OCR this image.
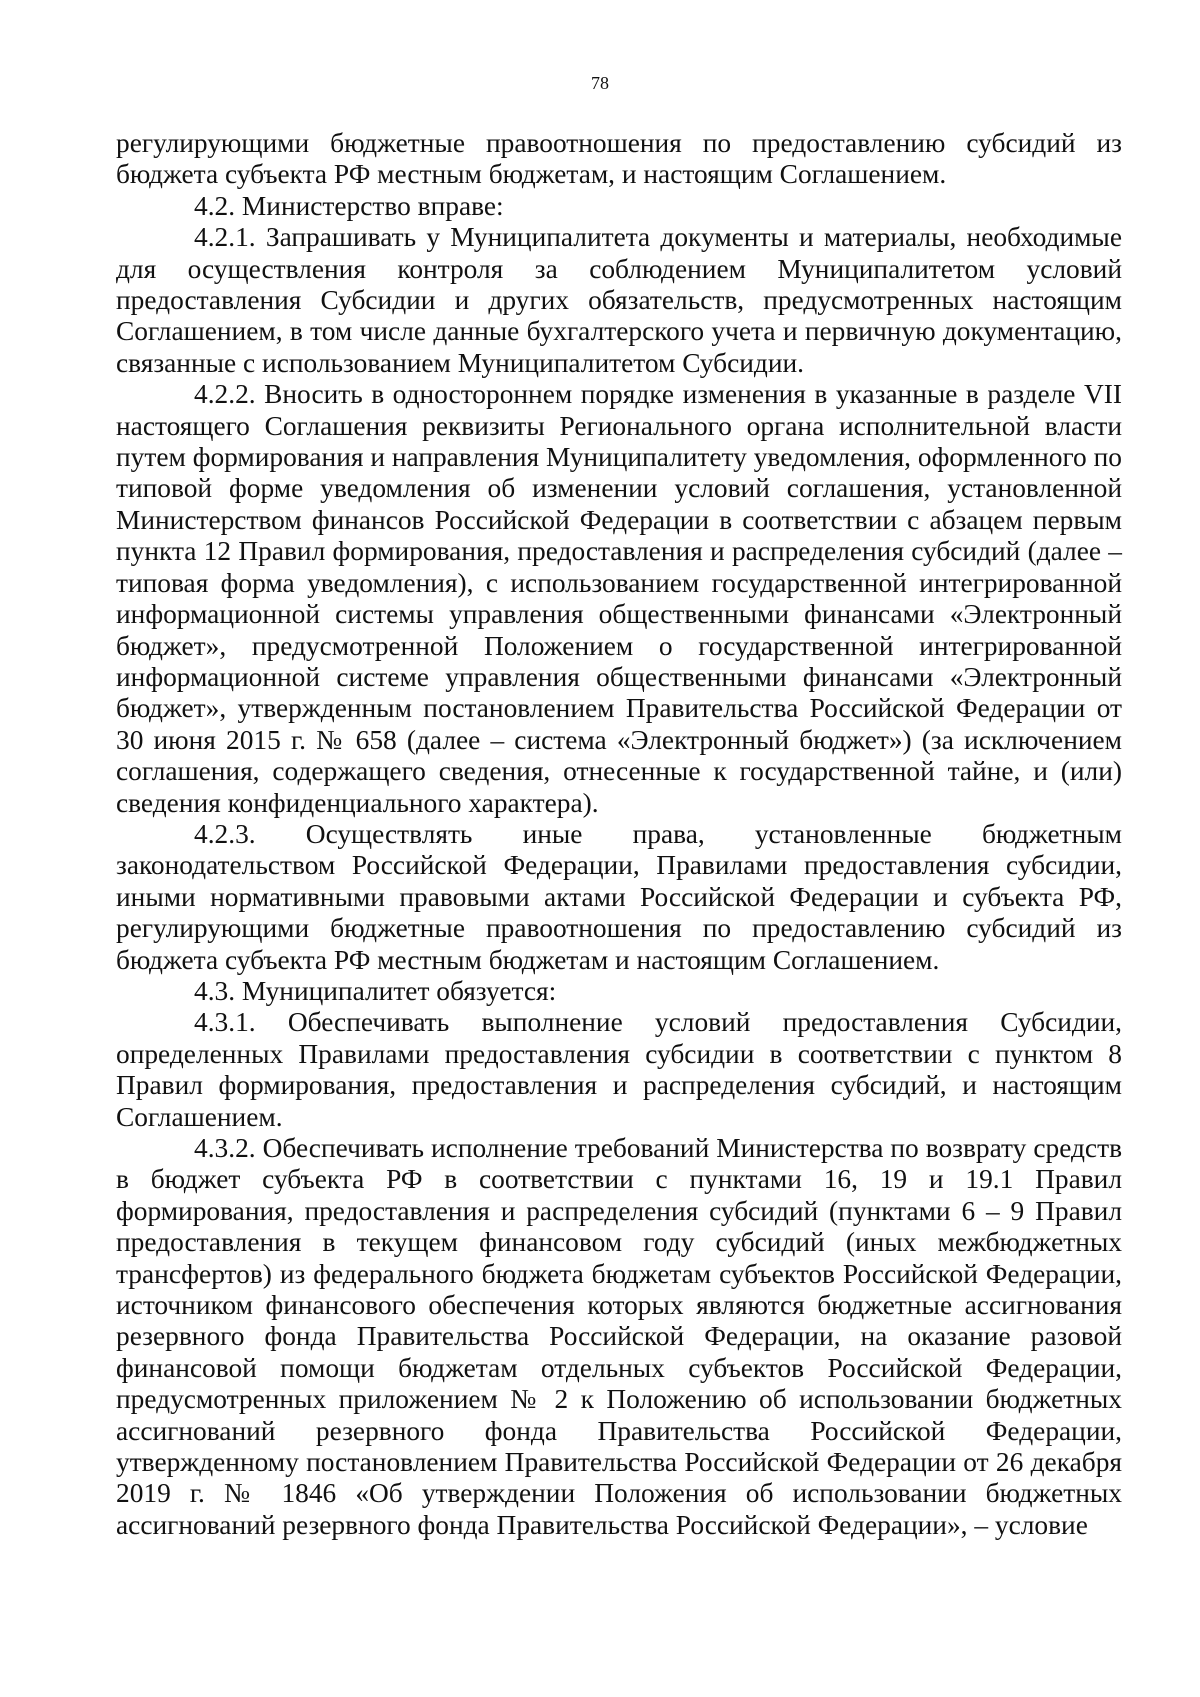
78

регулирующими бюджетные правоотношения по предоставлению субсидий из бюджета субъекта РФ местным бюджетам, и настоящим Соглашением.

4.2. Министерство вправе:

4.2.1. Запрашивать у Муниципалитета документы и материалы, необходимые для осуществления контроля за соблюдением Муниципалитетом условий предоставления Субсидии и других обязательств, предусмотренных настоящим Соглашением, в том числе данные бухгалтерского учета и первичную документацию, связанные с использованием Муниципалитетом Субсидии.

4.2.2. Вносить в одностороннем порядке изменения в указанные в разделе VII настоящего Соглашения реквизиты Регионального органа исполнительной власти путем формирования и направления Муниципалитету уведомления, оформленного по типовой форме уведомления об изменении условий соглашения, установленной Министерством финансов Российской Федерации в соответствии с абзацем первым пункта 12 Правил формирования, предоставления и распределения субсидий (далее – типовая форма уведомления), с использованием государственной интегрированной информационной системы управления общественными финансами «Электронный бюджет», предусмотренной Положением о государственной интегрированной информационной системе управления общественными финансами «Электронный бюджет», утвержденным постановлением Правительства Российской Федерации от 30 июня 2015 г. № 658 (далее – система «Электронный бюджет») (за исключением соглашения, содержащего сведения, отнесенные к государственной тайне, и (или) сведения конфиденциального характера).

4.2.3. Осуществлять иные права, установленные бюджетным законодательством Российской Федерации, Правилами предоставления субсидии, иными нормативными правовыми актами Российской Федерации и субъекта РФ, регулирующими бюджетные правоотношения по предоставлению субсидий из бюджета субъекта РФ местным бюджетам и настоящим Соглашением.

4.3. Муниципалитет обязуется:

4.3.1. Обеспечивать выполнение условий предоставления Субсидии, определенных Правилами предоставления субсидии в соответствии с пунктом 8 Правил формирования, предоставления и распределения субсидий, и настоящим Соглашением.

4.3.2. Обеспечивать исполнение требований Министерства по возврату средств в бюджет субъекта РФ в соответствии с пунктами 16, 19 и 19.1 Правил формирования, предоставления и распределения субсидий (пунктами 6 – 9 Правил предоставления в текущем финансовом году субсидий (иных межбюджетных трансфертов) из федерального бюджета бюджетам субъектов Российской Федерации, источником финансового обеспечения которых являются бюджетные ассигнования резервного фонда Правительства Российской Федерации, на оказание разовой финансовой помощи бюджетам отдельных субъектов Российской Федерации, предусмотренных приложением № 2 к Положению об использовании бюджетных ассигнований резервного фонда Правительства Российской Федерации, утвержденному постановлением Правительства Российской Федерации от 26 декабря 2019 г. № 1846 «Об утверждении Положения об использовании бюджетных ассигнований резервного фонда Правительства Российской Федерации», – условие
